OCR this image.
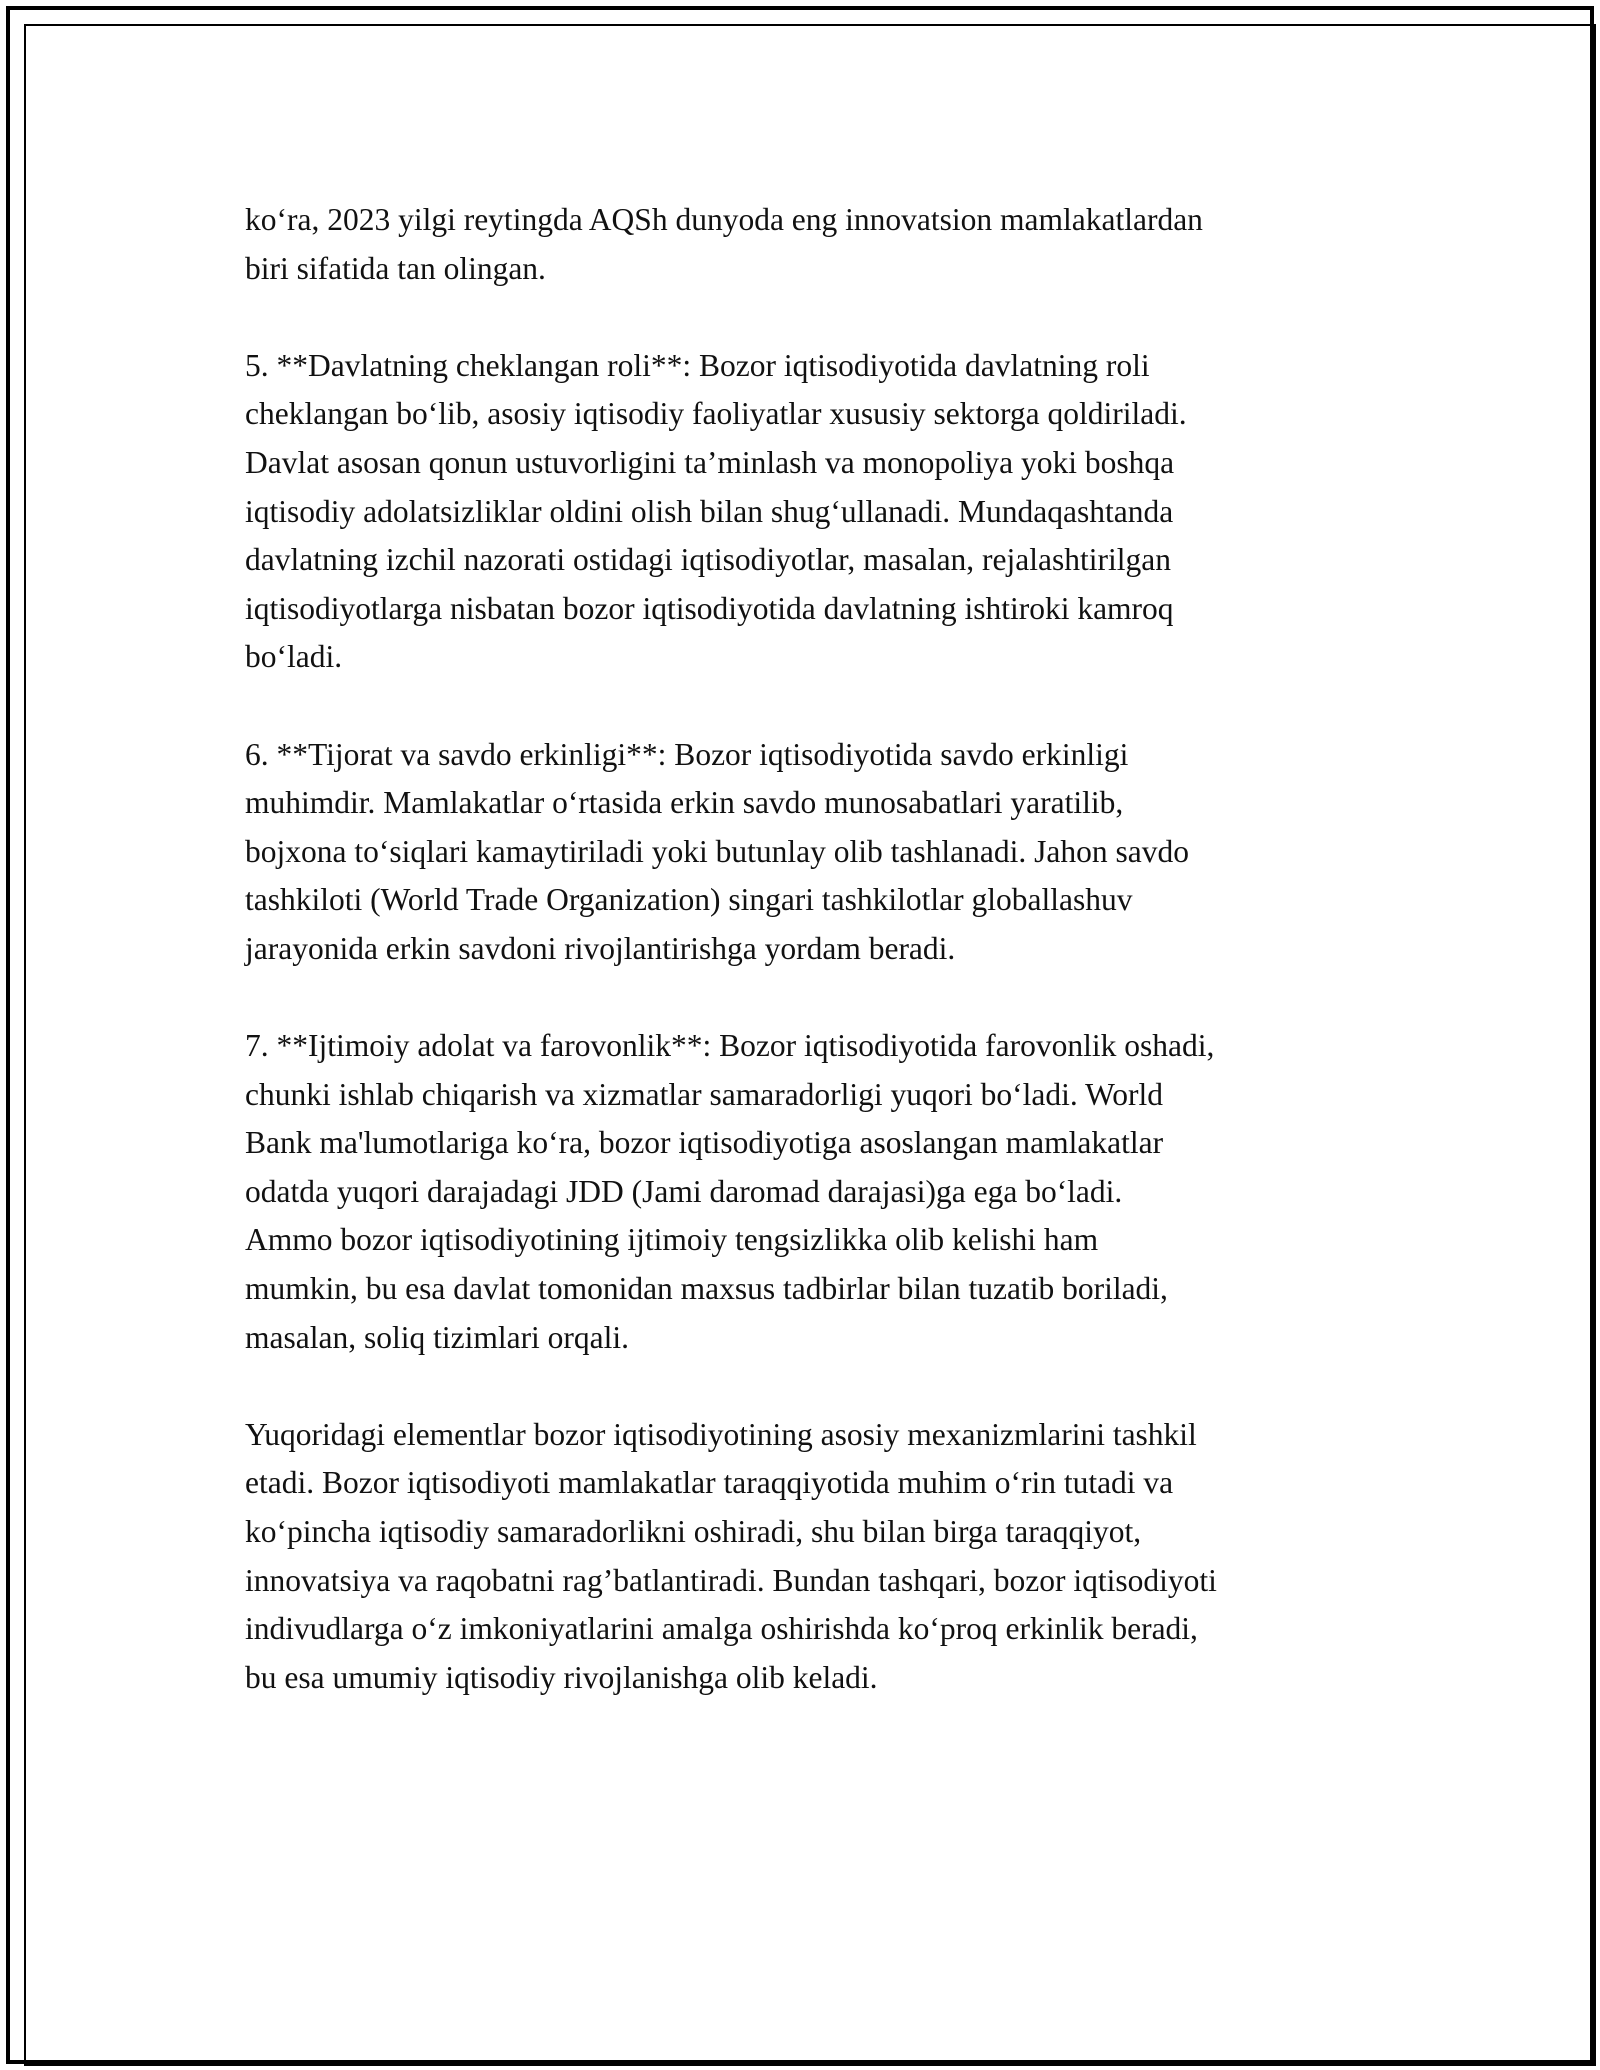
ko‘ra, 2023 yilgi reytingda AQSh dunyoda eng innovatsion mamlakatlardan
biri sifatida tan olingan.

5. **Davlatning cheklangan roli**: Bozor iqtisodiyotida davlatning roli
cheklangan bo‘lib, asosiy iqtisodiy faoliyatlar xususiy sektorga qoldiriladi.
Davlat asosan qonun ustuvorligini ta’minlash va monopoliya yoki boshqa
iqtisodiy adolatsizliklar oldini olish bilan shug‘ullanadi. Mundaqashtanda
davlatning izchil nazorati ostidagi iqtisodiyotlar, masalan, rejalashtirilgan
iqtisodiyotlarga nisbatan bozor iqtisodiyotida davlatning ishtiroki kamroq
bo‘ladi.

6. **Tijorat va savdo erkinligi**: Bozor iqtisodiyotida savdo erkinligi
muhimdir. Mamlakatlar o‘rtasida erkin savdo munosabatlari yaratilib,
bojxona to‘siqlari kamaytiriladi yoki butunlay olib tashlanadi. Jahon savdo
tashkiloti (World Trade Organization) singari tashkilotlar globallashuv
jarayonida erkin savdoni rivojlantirishga yordam beradi.

7. **Ijtimoiy adolat va farovonlik**: Bozor iqtisodiyotida farovonlik oshadi,
chunki ishlab chiqarish va xizmatlar samaradorligi yuqori bo‘ladi. World
Bank ma'lumotlariga ko‘ra, bozor iqtisodiyotiga asoslangan mamlakatlar
odatda yuqori darajadagi JDD (Jami daromad darajasi)ga ega bo‘ladi.
Ammo bozor iqtisodiyotining ijtimoiy tengsizlikka olib kelishi ham
mumkin, bu esa davlat tomonidan maxsus tadbirlar bilan tuzatib boriladi,
masalan, soliq tizimlari orqali.

Yuqoridagi elementlar bozor iqtisodiyotining asosiy mexanizmlarini tashkil
etadi. Bozor iqtisodiyoti mamlakatlar taraqqiyotida muhim o‘rin tutadi va
ko‘pincha iqtisodiy samaradorlikni oshiradi, shu bilan birga taraqqiyot,
innovatsiya va raqobatni rag’batlantiradi. Bundan tashqari, bozor iqtisodiyoti
indivudlarga o‘z imkoniyatlarini amalga oshirishda ko‘proq erkinlik beradi,
bu esa umumiy iqtisodiy rivojlanishga olib keladi.
